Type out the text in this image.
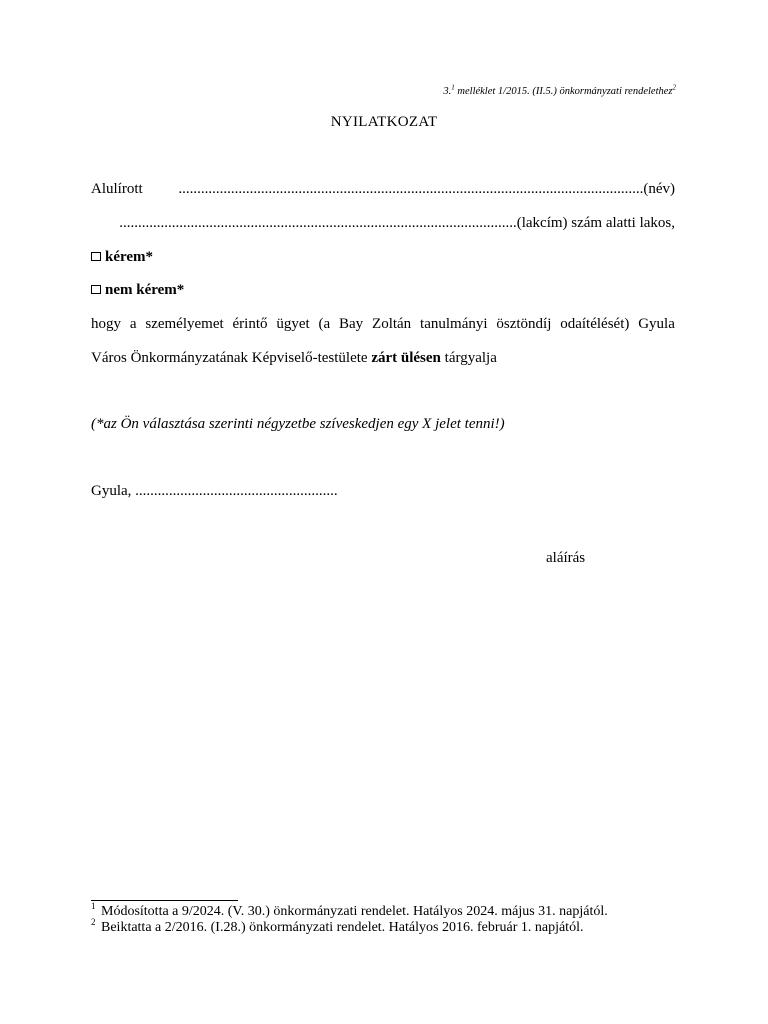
3.$^1$ melléklet 1/2015. (II.5.) önkormányzati rendelethez$^2$
NYILATKOZAT
Alulírott ............................................................................................................................(név)
..........................................................................................................(lakcím) szám alatti lakos,
kérem*
nem kérem*
hogy a személyemet érintő ügyet (a Bay Zoltán tanulmányi ösztöndíj odaítélését) Gyula
Város Önkormányzatának Képviselő-testülete zárt ülésen tárgyalja
(*az Ön választása szerinti négyzetbe szíveskedjen egy X jelet tenni!)
Gyula, ......................................................
aláírás
$^1$ Módosította a 9/2024. (V. 30.) önkormányzati rendelet. Hatályos 2024. május 31. napjától.
$^2$ Beiktatta a 2/2016. (I.28.) önkormányzati rendelet. Hatályos 2016. február 1. napjától.
